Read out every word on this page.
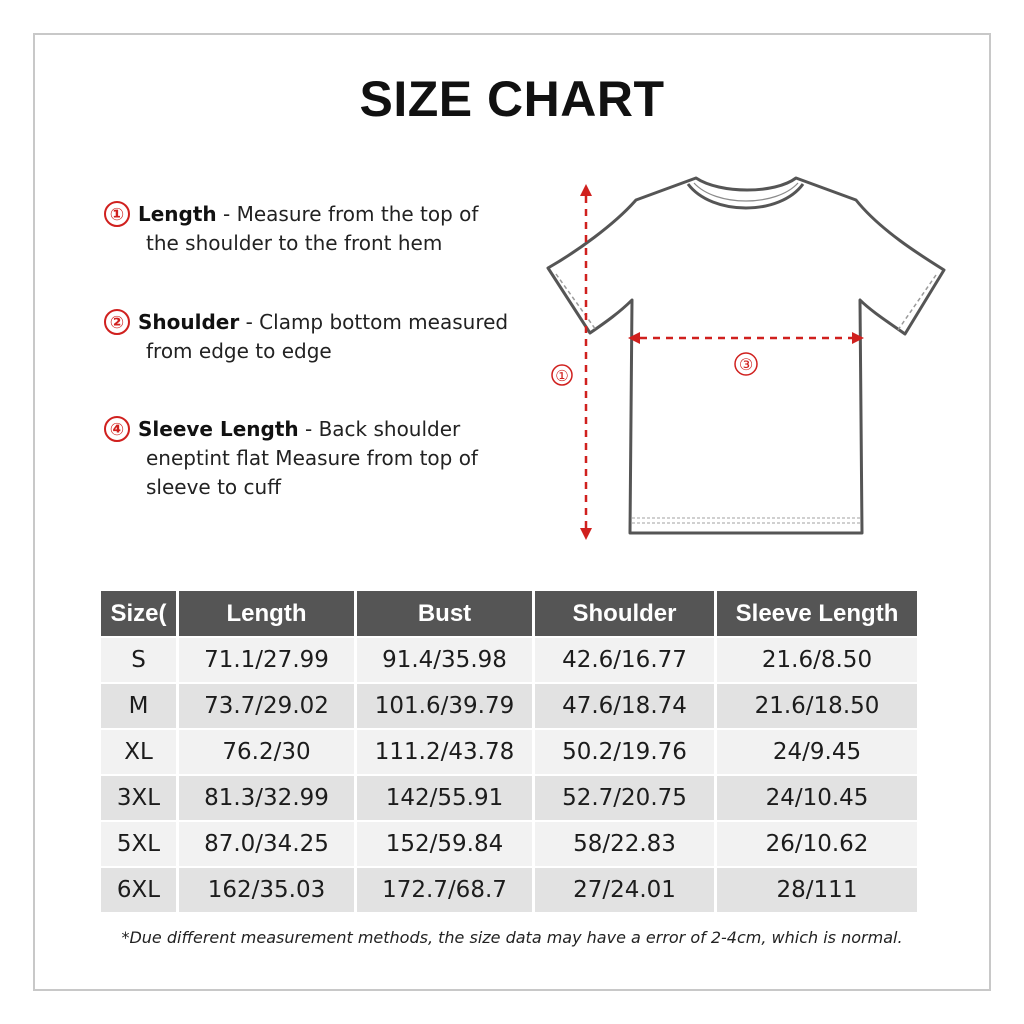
SIZE CHART
① Length - Measure from the top of
the shoulder to the front hem
② Shoulder - Clamp bottom measured
from edge to edge
④ Sleeve Length - Back shoulder
eneptint flat Measure from top of
sleeve to cuff
①
③
Size(	Length	Bust	Shoulder	Sleeve Length
S	71.1/27.99	91.4/35.98	42.6/16.77	21.6/8.50
M	73.7/29.02	101.6/39.79	47.6/18.74	21.6/18.50
XL	76.2/30	111.2/43.78	50.2/19.76	24/9.45
3XL	81.3/32.99	142/55.91	52.7/20.75	24/10.45
5XL	87.0/34.25	152/59.84	58/22.83	26/10.62
6XL	162/35.03	172.7/68.7	27/24.01	28/111
*Due different measurement methods, the size data may have a error of 2-4cm, which is normal.
